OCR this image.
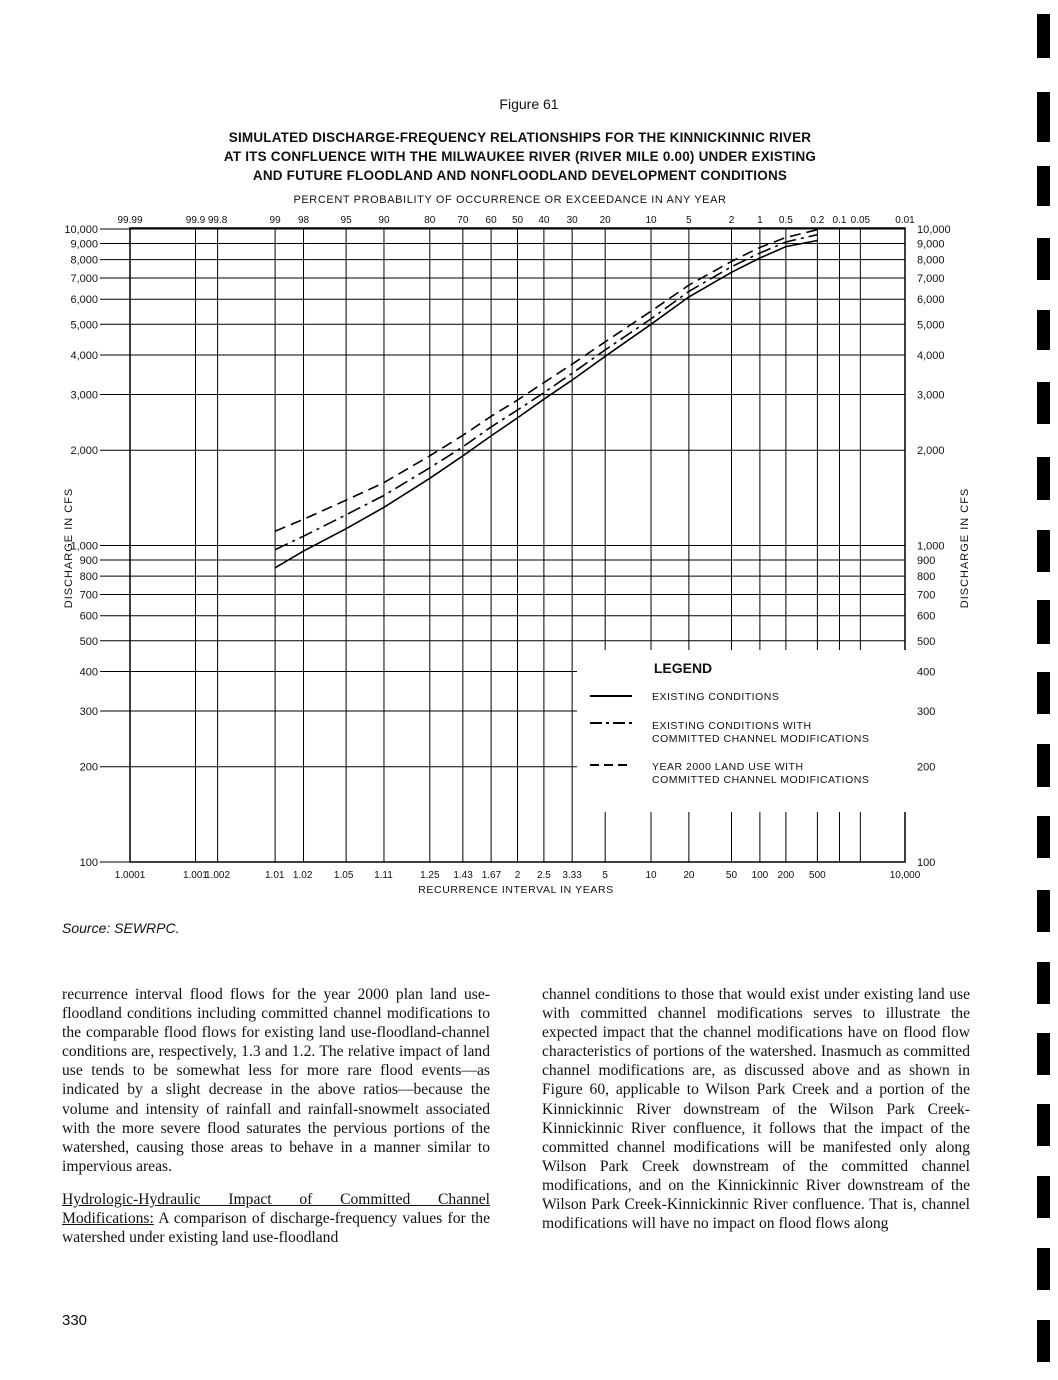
Figure 61
SIMULATED DISCHARGE-FREQUENCY RELATIONSHIPS FOR THE KINNICKINNIC RIVER
AT ITS CONFLUENCE WITH THE MILWAUKEE RIVER (RIVER MILE 0.00) UNDER EXISTING
AND FUTURE FLOODLAND AND NONFLOODLAND DEVELOPMENT CONDITIONS
99.99	99.9 99.8	99 98	95	90	80 70 60 50 40 30 20	10	5	2 1 0.5 0.2 0.1 0.05	0.01
10,000	10,000
9,000	9,000
8,000	8,000
7,000	7,000
6,000	6,000
5,000	5,000
4,000	4,000
3,000	3,000
2,000	2,000
1,000	1,000
900	900
800	800
700	700
600	600
500	500
400	400
300	300
200	200
100	100
1.0001	1.001
1.002	1.01 1.02 1.05 1.11	1.25 1.43 1.67 2 2.5 3.33 5	10	20	50 100 200 500	10,000
PERCENT PROBABILITY OF OCCURRENCE OR EXCEEDANCE IN ANY YEAR
RECURRENCE INTERVAL IN YEARS
DISCHARGE IN CFS	DISCHARGE IN CFS
LEGEND
EXISTING CONDITIONS
EXISTING CONDITIONS WITH
COMMITTED CHANNEL MODIFICATIONS
YEAR 2000 LAND USE WITH
COMMITTED CHANNEL MODIFICATIONS
Source: SEWRPC.
recurrence interval flood flows for the year 2000 plan land use-floodland conditions including committed channel modifications to the comparable flood flows for existing land use-floodland-channel conditions are, respectively, 1.3 and 1.2. The relative impact of land use tends to be somewhat less for more rare flood events—as indicated by a slight decrease in the above ratios—because the volume and intensity of rainfall and rainfall-snowmelt associated with the more severe flood saturates the pervious portions of the watershed, causing those areas to behave in a manner similar to impervious areas.
Hydrologic-Hydraulic Impact of Committed Channel Modifications: A comparison of discharge-frequency values for the watershed under existing land use-floodland
channel conditions to those that would exist under existing land use with committed channel modifications serves to illustrate the expected impact that the channel modifications have on flood flow characteristics of portions of the watershed. Inasmuch as committed channel modifications are, as discussed above and as shown in Figure 60, applicable to Wilson Park Creek and a portion of the Kinnickinnic River downstream of the Wilson Park Creek-Kinnickinnic River confluence, it follows that the impact of the committed channel modifications will be manifested only along Wilson Park Creek downstream of the committed channel modifications, and on the Kinnickinnic River downstream of the Wilson Park Creek-Kinnickinnic River confluence. That is, channel modifications will have no impact on flood flows along
330
